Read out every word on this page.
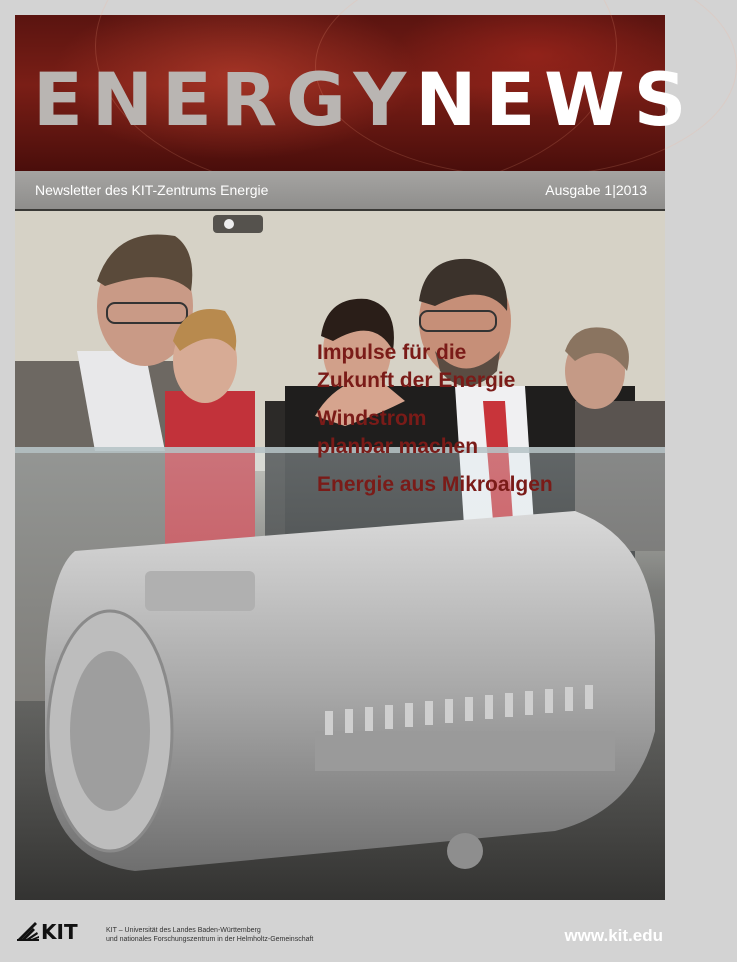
ENERGYNEWS
Newsletter des KIT-Zentrums Energie	Ausgabe 1|2013

Impulse für die
Zukunft der Energie

Windstrom
planbar machen

Energie aus Mikroalgen

KIT	KIT – Universität des Landes Baden-Württemberg
und nationales Forschungszentrum in der Helmholtz-Gemeinschaft	www.kit.edu
